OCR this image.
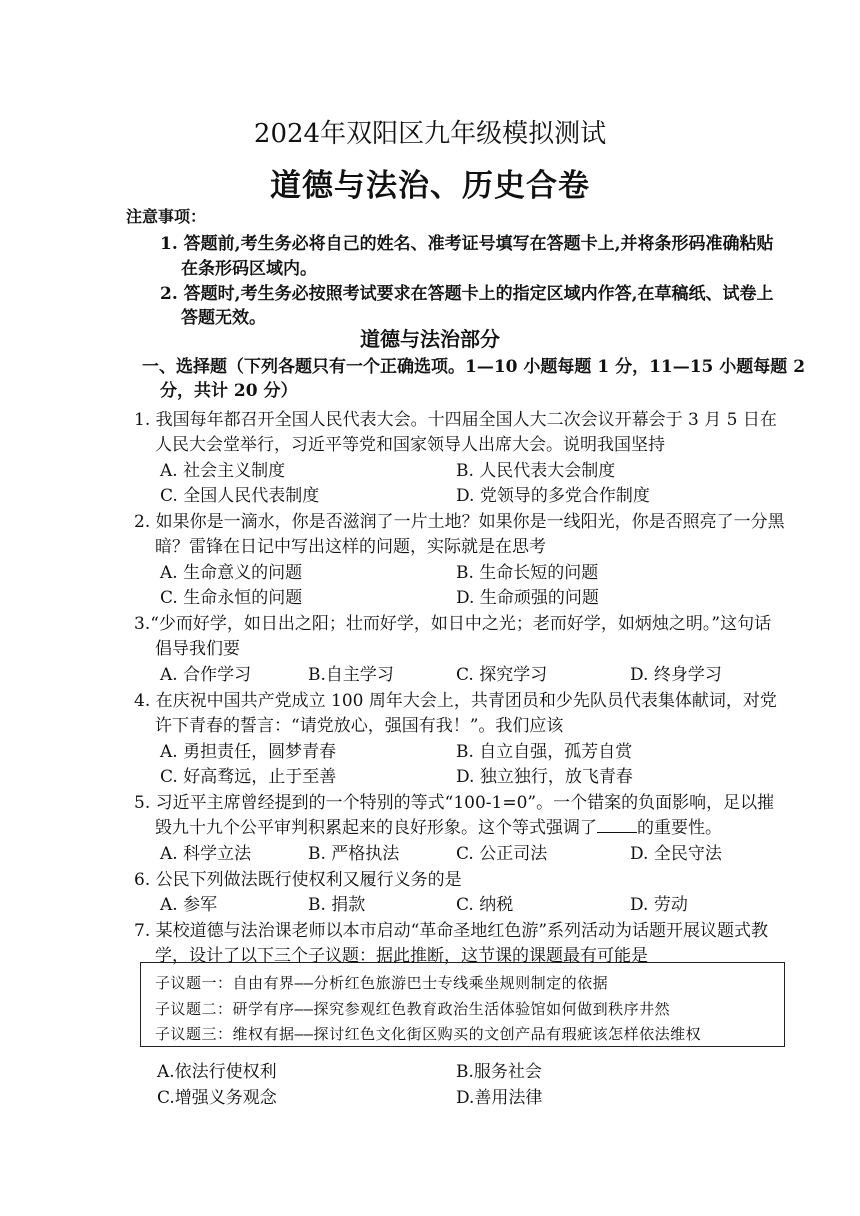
2024年双阳区九年级模拟测试
道德与法治、历史合卷
注意事项：
1. 答题前,考生务必将自己的姓名、准考证号填写在答题卡上,并将条形码准确粘贴
在条形码区域内。
2. 答题时,考生务必按照考试要求在答题卡上的指定区域内作答,在草稿纸、试卷上
答题无效。
道德与法治部分
一、选择题（下列各题只有一个正确选项。1—10 小题每题 1 分，11—15 小题每题 2
分，共计 20 分）
1. 我国每年都召开全国人民代表大会。十四届全国人大二次会议开幕会于 3 月 5 日在
人民大会堂举行，习近平等党和国家领导人出席大会。说明我国坚持
A. 社会主义制度	B. 人民代表大会制度
C. 全国人民代表制度	D. 党领导的多党合作制度
2. 如果你是一滴水，你是否滋润了一片土地？如果你是一线阳光，你是否照亮了一分黑
暗？雷锋在日记中写出这样的问题，实际就是在思考
A. 生命意义的问题	B. 生命长短的问题
C. 生命永恒的问题	D. 生命顽强的问题
3.“少而好学，如日出之阳；壮而好学，如日中之光；老而好学，如炳烛之明。”这句话
倡导我们要
A. 合作学习	B.自主学习	C. 探究学习	D. 终身学习
4. 在庆祝中国共产党成立 100 周年大会上，共青团员和少先队员代表集体献词，对党
许下青春的誓言：“请党放心，强国有我！”。我们应该
A. 勇担责任，圆梦青春	B. 自立自强，孤芳自赏
C. 好高骛远，止于至善	D. 独立独行，放飞青春
5. 习近平主席曾经提到的一个特别的等式“100-1=0”。一个错案的负面影响，足以摧
毁九十九个公平审判积累起来的良好形象。这个等式强调了 的重要性。
A. 科学立法	B. 严格执法	C. 公正司法	D. 全民守法
6. 公民下列做法既行使权利又履行义务的是
A. 参军	B. 捐款	C. 纳税	D. 劳动
7. 某校道德与法治课老师以本市启动“革命圣地红色游”系列活动为话题开展议题式教
学，设计了以下三个子议题：据此推断，这节课的课题最有可能是
子议题一：自由有界——分析红色旅游巴士专线乘坐规则制定的依据
子议题二：研学有序——探究参观红色教育政治生活体验馆如何做到秩序井然
子议题三：维权有据——探讨红色文化街区购买的文创产品有瑕疵该怎样依法维权
A.依法行使权利	B.服务社会
C.增强义务观念	D.善用法律
